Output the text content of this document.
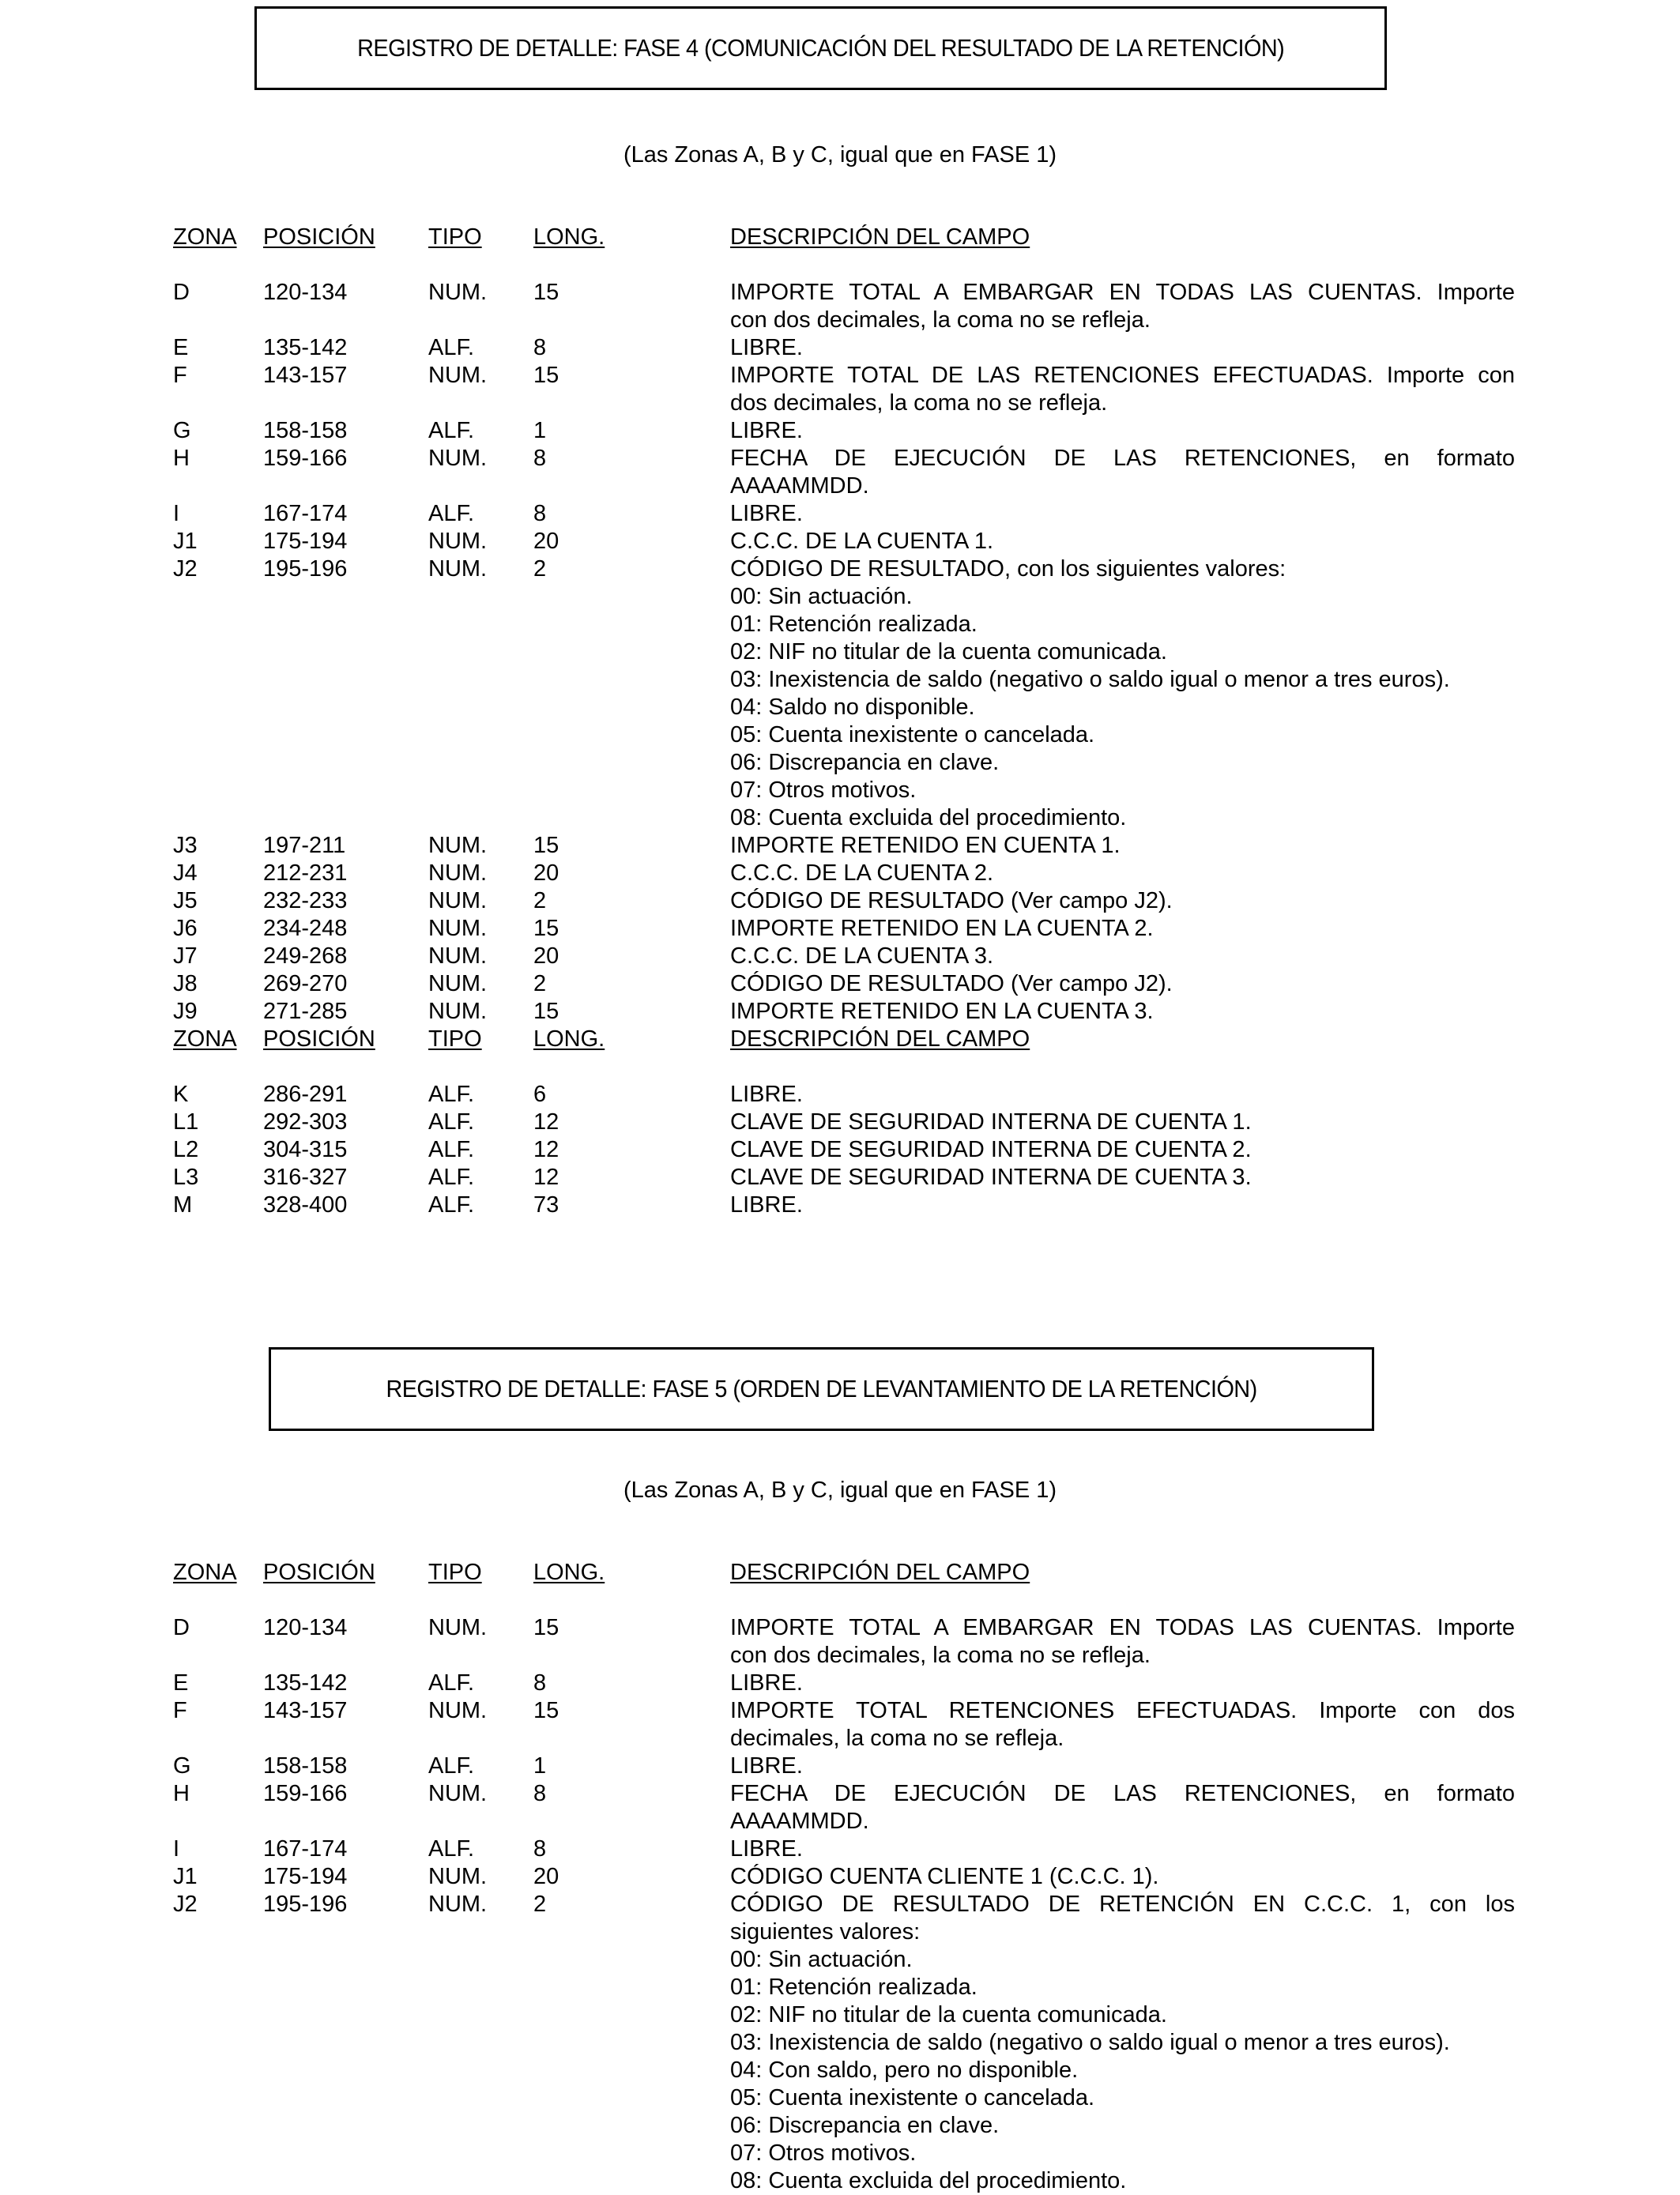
REGISTRO DE DETALLE: FASE 4 (COMUNICACIÓN DEL RESULTADO DE LA RETENCIÓN)
(Las Zonas A, B y C, igual que en FASE 1)
ZONA POSICIÓN TIPO LONG.	DESCRIPCIÓN DEL CAMPO
D	120-134	NUM. 15	IMPORTE TOTAL A EMBARGAR EN TODAS LAS CUENTAS. Importe
con dos decimales, la coma no se refleja.
E	135-142	ALF.	8	LIBRE.
F	143-157	NUM. 15	IMPORTE TOTAL DE LAS RETENCIONES EFECTUADAS. Importe con
dos decimales, la coma no se refleja.
G	158-158	ALF.	1	LIBRE.
H	159-166	NUM. 8	FECHA DE EJECUCIÓN DE LAS RETENCIONES, en formato
AAAAMMDD.
I	167-174	ALF.	8	LIBRE.
J1	175-194	NUM. 20	C.C.C. DE LA CUENTA 1.
J2	195-196	NUM. 2	CÓDIGO DE RESULTADO, con los siguientes valores:
00: Sin actuación.
01: Retención realizada.
02: NIF no titular de la cuenta comunicada.
03: Inexistencia de saldo (negativo o saldo igual o menor a tres euros).
04: Saldo no disponible.
05: Cuenta inexistente o cancelada.
06: Discrepancia en clave.
07: Otros motivos.
08: Cuenta excluida del procedimiento.
J3	197-211	NUM. 15	IMPORTE RETENIDO EN CUENTA 1.
J4	212-231	NUM. 20	C.C.C. DE LA CUENTA 2.
J5	232-233	NUM. 2	CÓDIGO DE RESULTADO (Ver campo J2).
J6	234-248	NUM. 15	IMPORTE RETENIDO EN LA CUENTA 2.
J7	249-268	NUM. 20	C.C.C. DE LA CUENTA 3.
J8	269-270	NUM. 2	CÓDIGO DE RESULTADO (Ver campo J2).
J9	271-285	NUM. 15	IMPORTE RETENIDO EN LA CUENTA 3.
ZONA POSICIÓN TIPO LONG.	DESCRIPCIÓN DEL CAMPO
K	286-291	ALF.	6	LIBRE.
L1	292-303	ALF.	12	CLAVE DE SEGURIDAD INTERNA DE CUENTA 1.
L2	304-315	ALF.	12	CLAVE DE SEGURIDAD INTERNA DE CUENTA 2.
L3	316-327	ALF.	12	CLAVE DE SEGURIDAD INTERNA DE CUENTA 3.
M	328-400	ALF.	73	LIBRE.
REGISTRO DE DETALLE: FASE 5 (ORDEN DE LEVANTAMIENTO DE LA RETENCIÓN)
(Las Zonas A, B y C, igual que en FASE 1)
ZONA POSICIÓN TIPO LONG.	DESCRIPCIÓN DEL CAMPO
D	120-134	NUM. 15	IMPORTE TOTAL A EMBARGAR EN TODAS LAS CUENTAS. Importe
con dos decimales, la coma no se refleja.
E	135-142	ALF.	8	LIBRE.
F	143-157	NUM. 15	IMPORTE TOTAL RETENCIONES EFECTUADAS. Importe con dos
decimales, la coma no se refleja.
G	158-158	ALF.	1	LIBRE.
H	159-166	NUM. 8	FECHA DE EJECUCIÓN DE LAS RETENCIONES, en formato
AAAAMMDD.
I	167-174	ALF.	8	LIBRE.
J1	175-194	NUM. 20	CÓDIGO CUENTA CLIENTE 1 (C.C.C. 1).
J2	195-196	NUM. 2	CÓDIGO DE RESULTADO DE RETENCIÓN EN C.C.C. 1, con los
siguientes valores:
00: Sin actuación.
01: Retención realizada.
02: NIF no titular de la cuenta comunicada.
03: Inexistencia de saldo (negativo o saldo igual o menor a tres euros).
04: Con saldo, pero no disponible.
05: Cuenta inexistente o cancelada.
06: Discrepancia en clave.
07: Otros motivos.
08: Cuenta excluida del procedimiento.
